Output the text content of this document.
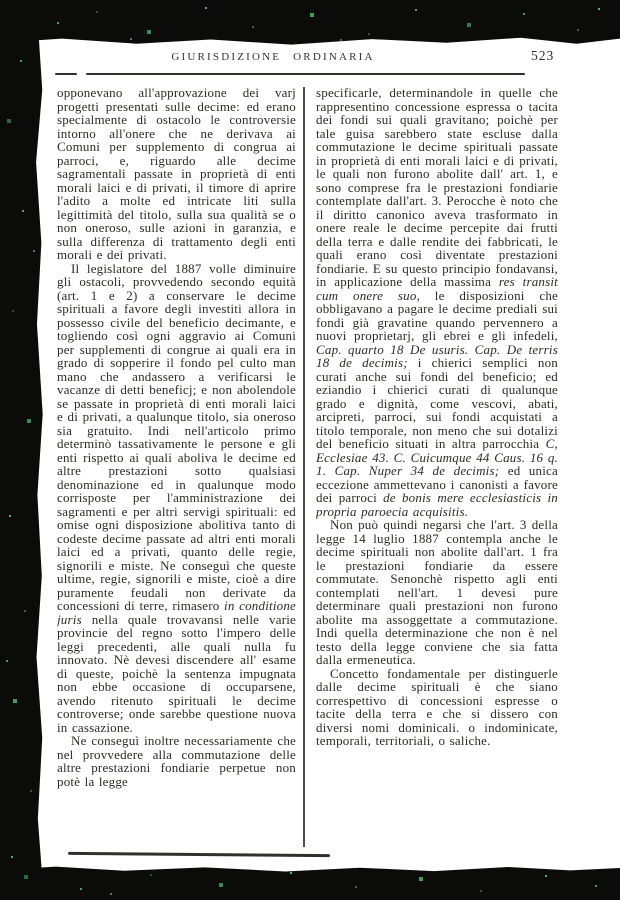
GIURISDIZIONE ORDINARIA	523

opponevano all'approvazione dei varj progetti presentati sulle decime: ed erano specialmente di ostacolo le controversie intorno all'onere che ne derivava ai Comuni per supplemento di congrua ai parroci, e, riguardo alle decime sagramentali passate in proprietà di enti morali laici e di privati, il timore di aprire l'adito a molte ed intricate liti sulla legittimità del titolo, sulla sua qualità se o non oneroso, sulle azioni in garanzia, e sulla differenza di trattamento degli enti morali e dei privati.

Il legislatore del 1887 volle diminuire gli ostacoli, provvedendo secondo equità (art. 1 e 2) a conservare le decime spirituali a favore degli investiti allora in possesso civile del beneficio decimante, e togliendo così ogni aggravio ai Comuni per supplementi di congrue ai quali era in grado di sopperire il fondo pel culto man mano che andassero a verificarsi le vacanze di detti beneficj; e non abolendole se passate in proprietà di enti morali laici e di privati, a qualunque titolo, sia oneroso sia gratuito. Indi nell'articolo primo determinò tassativamente le persone e gli enti rispetto ai quali aboliva le decime ed altre prestazioni sotto qualsiasi denominazione ed in qualunque modo corrisposte per l'amministrazione dei sagramenti e per altri servigi spirituali: ed omise ogni disposizione abolitiva tanto di codeste decime passate ad altri enti morali laici ed a privati, quanto delle regie, signorili e miste. Ne conseguì che queste ultime, regie, signorili e miste, cioè a dire puramente feudali non derivate da concessioni di terre, rimasero in conditione juris nella quale trovavansi nelle varie provincie del regno sotto l'impero delle leggi precedenti, alle quali nulla fu innovato. Nè devesi discendere all' esame di queste, poichè la sentenza impugnata non ebbe occasione di occuparsene, avendo ritenuto spirituali le decime controverse; onde sarebbe questione nuova in cassazione.

Ne conseguì inoltre necessariamente che nel provvedere alla commutazione delle altre prestazioni fondiarie perpetue non potè la legge

specificarle, determinandole in quelle che rappresentino concessione espressa o tacita dei fondi sui quali gravitano; poichè per tale guisa sarebbero state escluse dalla commutazione le decime spirituali passate in proprietà di enti morali laici e di privati, le quali non furono abolite dall' art. 1, e sono comprese fra le prestazioni fondiarie contemplate dall'art. 3. Perocche è noto che il diritto canonico aveva trasformato in onere reale le decime percepite dai frutti della terra e dalle rendite dei fabbricati, le quali erano così diventate prestazioni fondiarie. E su questo principio fondavansi, in applicazione della massima res transit cum onere suo, le disposizioni che obbligavano a pagare le decime prediali sui fondi già gravatine quando pervennero a nuovi proprietarj, gli ebrei e gli infedeli, Cap. quarto 18 De usuris. Cap. De terris 18 de decimis; i chierici semplici non curati anche sui fondi del beneficio; ed eziandio i chierici curati di qualunque grado e dignità, come vescovi, abati, arcipreti, parroci, sui fondi acquistati a titolo temporale, non meno che sui dotalizi del beneficio situati in altra parrocchia C, Ecclesiae 43. C. Cuicumque 44 Caus. 16 q. 1. Cap. Nuper 34 de decimis; ed unica eccezione ammettevano i canonisti a favore dei parroci de bonis mere ecclesiasticis in propria paroecia acquisitis.

Non può quindi negarsi che l'art. 3 della legge 14 luglio 1887 contempla anche le decime spirituali non abolite dall'art. 1 fra le prestazioni fondiarie da essere commutate. Senonchè rispetto agli enti contemplati nell'art. 1 devesi pure determinare quali prestazioni non furono abolite ma assoggettate a commutazione. Indi quella determinazione che non è nel testo della legge conviene che sia fatta dalla ermeneutica.

Concetto fondamentale per distinguerle dalle decime spirituali è che siano correspettivo di concessioni espresse o tacite della terra e che si dissero con diversi nomi dominicali. o indominicate, temporali, territoriali, o saliche.
